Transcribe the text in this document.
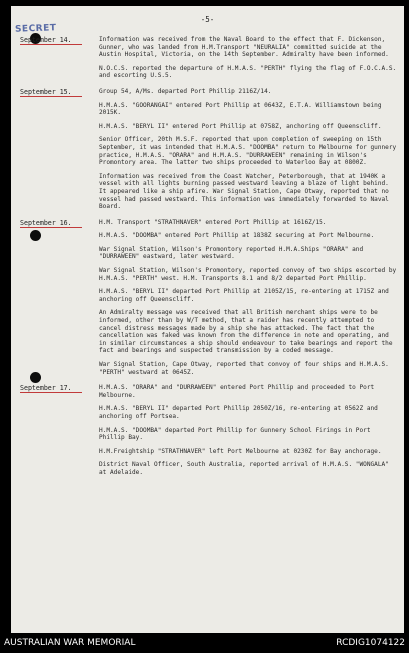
-5-
SECRET
September 14.	Information was received from the Naval Board to the effect that F. Dickenson, Gunner, who was landed from H.M.Transport "NEURALIA" committed suicide at the Austin Hospital, Victoria, on the 14th September. Admiralty have been informed.

N.O.C.S. reported the departure of H.M.A.S. "PERTH" flying the flag of F.O.C.A.S. and escorting U.S.5.

September 15.	Group 54, A/Ms. departed Port Phillip 2116Z/14.

H.M.A.S. "GOORANGAI" entered Port Phillip at 0643Z, E.T.A. Williamstown being 2015K.

H.M.A.S. "BERYL II" entered Port Phillip at 0758Z, anchoring off Queenscliff.

Senior Officer, 20th M.S.F. reported that upon completion of sweeping on 15th September, it was intended that H.M.A.S. "DOOMBA" return to Melbourne for gunnery practice, H.M.A.S. "ORARA" and H.M.A.S. "DURRAWEEN" remaining in Wilson's Promontory area. The latter two ships proceeded to Waterloo Bay at 0800Z.

Information was received from the Coast Watcher, Peterborough, that at 1940K a vessel with all lights burning passed westward leaving a blaze of light behind. It appeared like a ship afire. War Signal Station, Cape Otway, reported that no vessel had passed westward. This information was immediately forwarded to Naval Board.

September 16.	H.M. Transport "STRATHNAVER" entered Port Phillip at 1616Z/15.

H.M.A.S. "DOOMBA" entered Port Phillip at 1838Z securing at Port Melbourne.

War Signal Station, Wilson's Promontory reported H.M.A.Ships "ORARA" and "DURRAWEEN" eastward, later westward.

War Signal Station, Wilson's Promontory, reported convoy of two ships escorted by H.M.A.S. "PERTH" west. H.M. Transports 8.1 and 8/2 departed Port Phillip.

H.M.A.S. "BERYL II" departed Port Phillip at 2105Z/15, re-entering at 1715Z and anchoring off Queenscliff.

An Admiralty message was received that all British merchant ships were to be informed, other than by W/T method, that a raider has recently attempted to cancel distress messages made by a ship she has attacked. The fact that the cancellation was faked was known from the difference in note and operating, and in similar circumstances a ship should endeavour to take bearings and report the fact and bearings and suspected transmission by a coded message.

War Signal Station, Cape Otway, reported that convoy of four ships and H.M.A.S. "PERTH" westward at 0645Z.

September 17.	H.M.A.S. "ORARA" and "DURRAWEEN" entered Port Phillip and proceeded to Port Melbourne.

H.M.A.S. "BERYL II" departed Port Phillip 2050Z/16, re-entering at 0562Z and anchoring off Portsea.

H.M.A.S. "DOOMBA" departed Port Phillip for Gunnery School Firings in Port Phillip Bay.

H.M.Freightship "STRATHNAVER" left Port Melbourne at 0230Z for Bay anchorage.

District Naval Officer, South Australia, reported arrival of H.M.A.S. "WONGALA" at Adelaide.

AUSTRALIAN WAR MEMORIAL	RCDIG1074122
